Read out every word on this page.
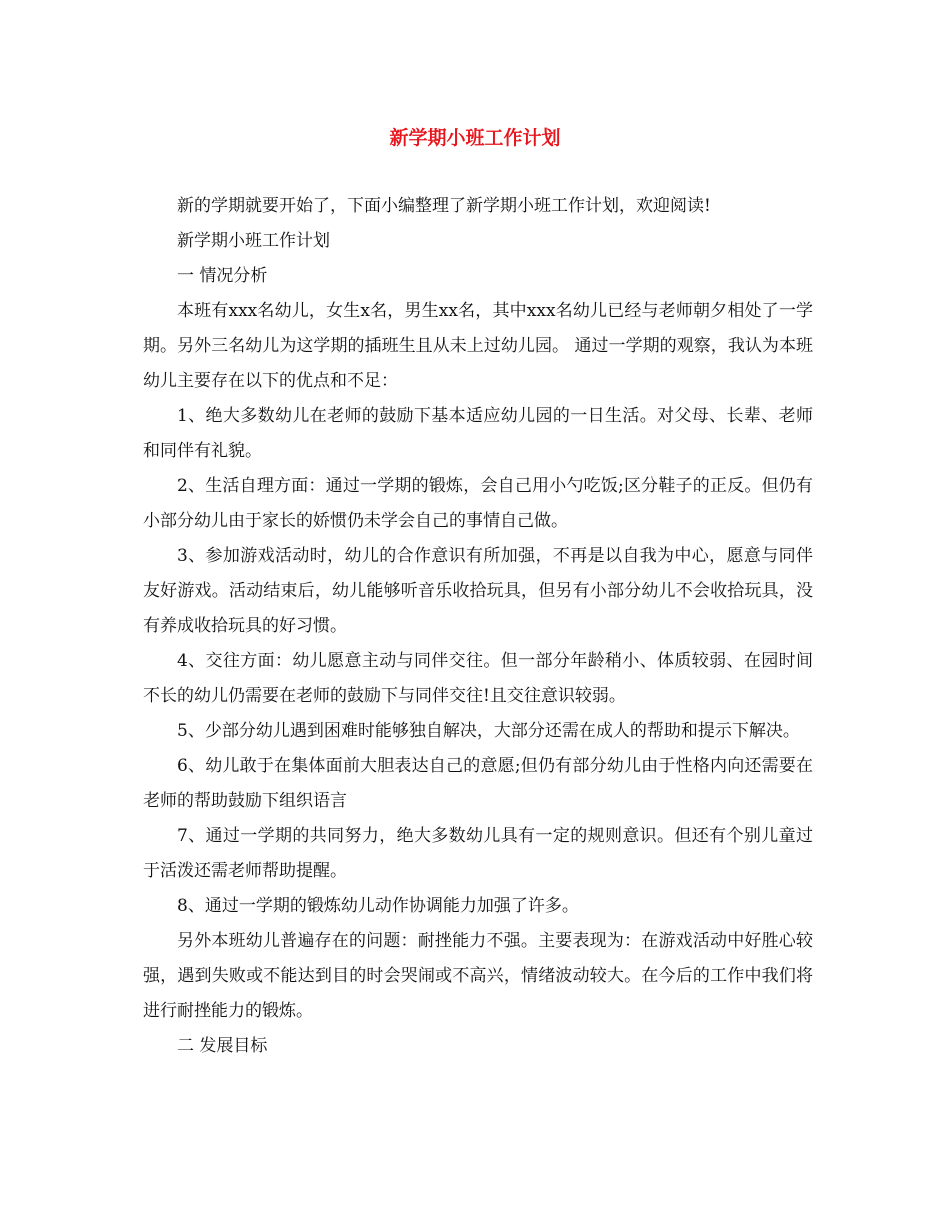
新学期小班工作计划

新的学期就要开始了，下面小编整理了新学期小班工作计划，欢迎阅读!

新学期小班工作计划

一 情况分析

本班有xxx名幼儿，女生x名，男生xx名，其中xxx名幼儿已经与老师朝夕相处了一学期。另外三名幼儿为这学期的插班生且从未上过幼儿园。 通过一学期的观察，我认为本班幼儿主要存在以下的优点和不足：

1、绝大多数幼儿在老师的鼓励下基本适应幼儿园的一日生活。对父母、长辈、老师和同伴有礼貌。

2、生活自理方面：通过一学期的锻炼，会自己用小勺吃饭;区分鞋子的正反。但仍有小部分幼儿由于家长的娇惯仍未学会自己的事情自己做。

3、参加游戏活动时，幼儿的合作意识有所加强，不再是以自我为中心，愿意与同伴友好游戏。活动结束后，幼儿能够听音乐收拾玩具，但另有小部分幼儿不会收拾玩具，没有养成收拾玩具的好习惯。

4、交往方面：幼儿愿意主动与同伴交往。但一部分年龄稍小、体质较弱、在园时间不长的幼儿仍需要在老师的鼓励下与同伴交往!且交往意识较弱。

5、少部分幼儿遇到困难时能够独自解决，大部分还需在成人的帮助和提示下解决。

6、幼儿敢于在集体面前大胆表达自己的意愿;但仍有部分幼儿由于性格内向还需要在老师的帮助鼓励下组织语言

7、通过一学期的共同努力，绝大多数幼儿具有一定的规则意识。但还有个别儿童过于活泼还需老师帮助提醒。

8、通过一学期的锻炼幼儿动作协调能力加强了许多。

另外本班幼儿普遍存在的问题：耐挫能力不强。主要表现为：在游戏活动中好胜心较强，遇到失败或不能达到目的时会哭闹或不高兴，情绪波动较大。在今后的工作中我们将进行耐挫能力的锻炼。

二 发展目标
